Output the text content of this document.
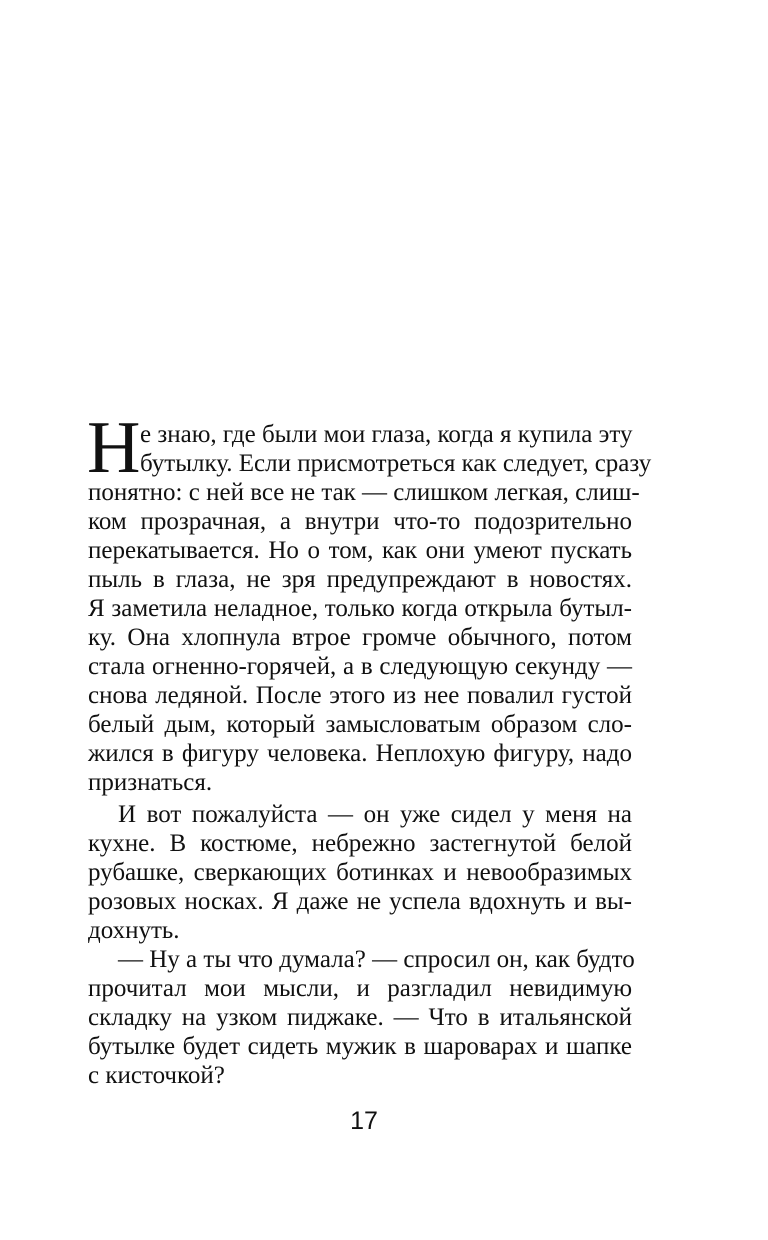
Н е знаю, где были мои глаза, когда я купила эту
бутылку. Если присмотреться как следует, сразу
понятно: с ней все не так — слишком легкая, слиш-
ком прозрачная, а внутри что-то подозрительно
перекатывается. Но о том, как они умеют пускать
пыль в глаза, не зря предупреждают в новостях.
Я заметила неладное, только когда открыла бутыл-
ку. Она хлопнула втрое громче обычного, потом
стала огненно-горячей, а в следующую секунду —
снова ледяной. После этого из нее повалил густой
белый дым, который замысловатым образом сло-
жился в фигуру человека. Неплохую фигуру, надо
признаться.
И вот пожалуйста — он уже сидел у меня на
кухне. В костюме, небрежно застегнутой белой
рубашке, сверкающих ботинках и невообразимых
розовых носках. Я даже не успела вдохнуть и вы-
дохнуть.
— Ну а ты что думала? — спросил он, как будто
прочитал мои мысли, и разгладил невидимую
складку на узком пиджаке. — Что в итальянской
бутылке будет сидеть мужик в шароварах и шапке
с кисточкой?
17
